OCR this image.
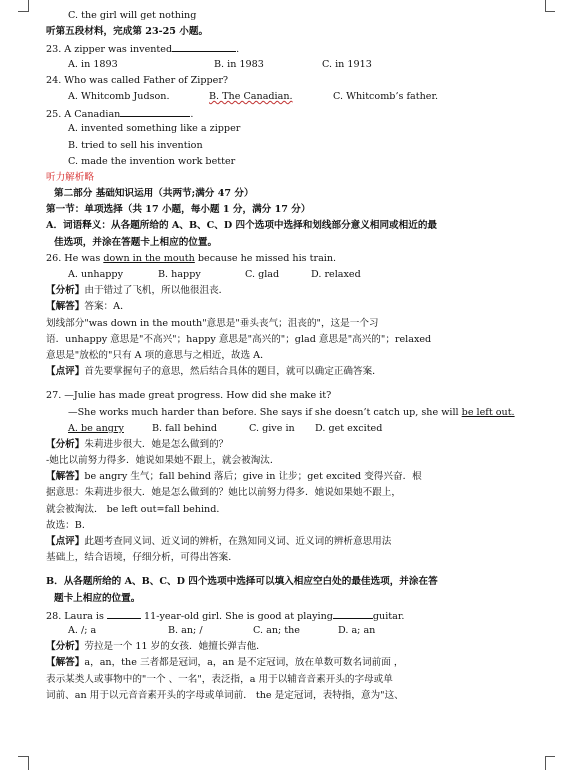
C. the girl will get nothing
听第五段材料，完成第 23-25 小题。
23. A zipper was invented	.
A. in 1893	B. in 1983	C. in 1913
24. Who was called Father of Zipper?
A. Whitcomb Judson.	B. The Canadian.	C. Whitcomb’s father.
25. A Canadian	.
A. invented something like a zipper
B. tried to sell his invention
C. made the invention work better
听力解析略
第二部分 基础知识运用（共两节;满分 47 分）
第一节：单项选择（共 17 小题，每小题 1 分，满分 17 分）
A．词语释义：从各题所给的 A、B、C、D 四个选项中选择和划线部分意义相同或相近的最
佳选项，并涂在答题卡上相应的位置。
26. He was down in the mouth because he missed his train.
A. unhappy	B. happy	C. glad	D. relaxed
【分析】由于错过了飞机，所以他很沮丧．
【解答】答案：A．
划线部分"was down in the mouth"意思是"垂头丧气；沮丧的"，这是一个习
语．unhappy 意思是"不高兴"；happy 意思是"高兴的"；glad 意思是"高兴的"；relaxed
意思是"放松的"只有 A 项的意思与之相近，故选 A．
【点评】首先要掌握句子的意思，然后结合具体的题目，就可以确定正确答案．
27. —Julie has made great progress. How did she make it?
—She works much harder than before. She says if she doesn’t catch up, she will be left out.
A. be angry	B. fall behind	C. give in D. get excited
【分析】朱莉进步很大．她是怎么做到的？
-她比以前努力得多．她说如果她不跟上，就会被淘汰．
【解答】be angry 生气；fall behind 落后；give in 让步；get excited 变得兴奋．根
据意思：朱莉进步很大．她是怎么做到的？她比以前努力得多．她说如果她不跟上，
就会被淘汰． be left out=fall behind．
故选：B．
【点评】此题考查同义词、近义词的辨析，在熟知同义词、近义词的辨析意思用法
基础上，结合语境，仔细分析，可得出答案．
B．从各题所给的 A、B、C、D 四个选项中选择可以填入相应空白处的最佳选项，并涂在答
题卡上相应的位置。
28. Laura is	11-year-old girl. She is good at playing	guitar.
A. /; a	B. an; /	C. an; the	D. a; an
【分析】劳拉是一个 11 岁的女孩．她擅长弹吉他．
【解答】a，an，the 三者都是冠词，a，an 是不定冠词，放在单数可数名词前面 ，
表示某类人或事物中的"一个 、一名"，表泛指，a 用于以辅音音素开头的字母或单
词前、an 用于以元音音素开头的字母或单词前． the 是定冠词，表特指，意为"这、
